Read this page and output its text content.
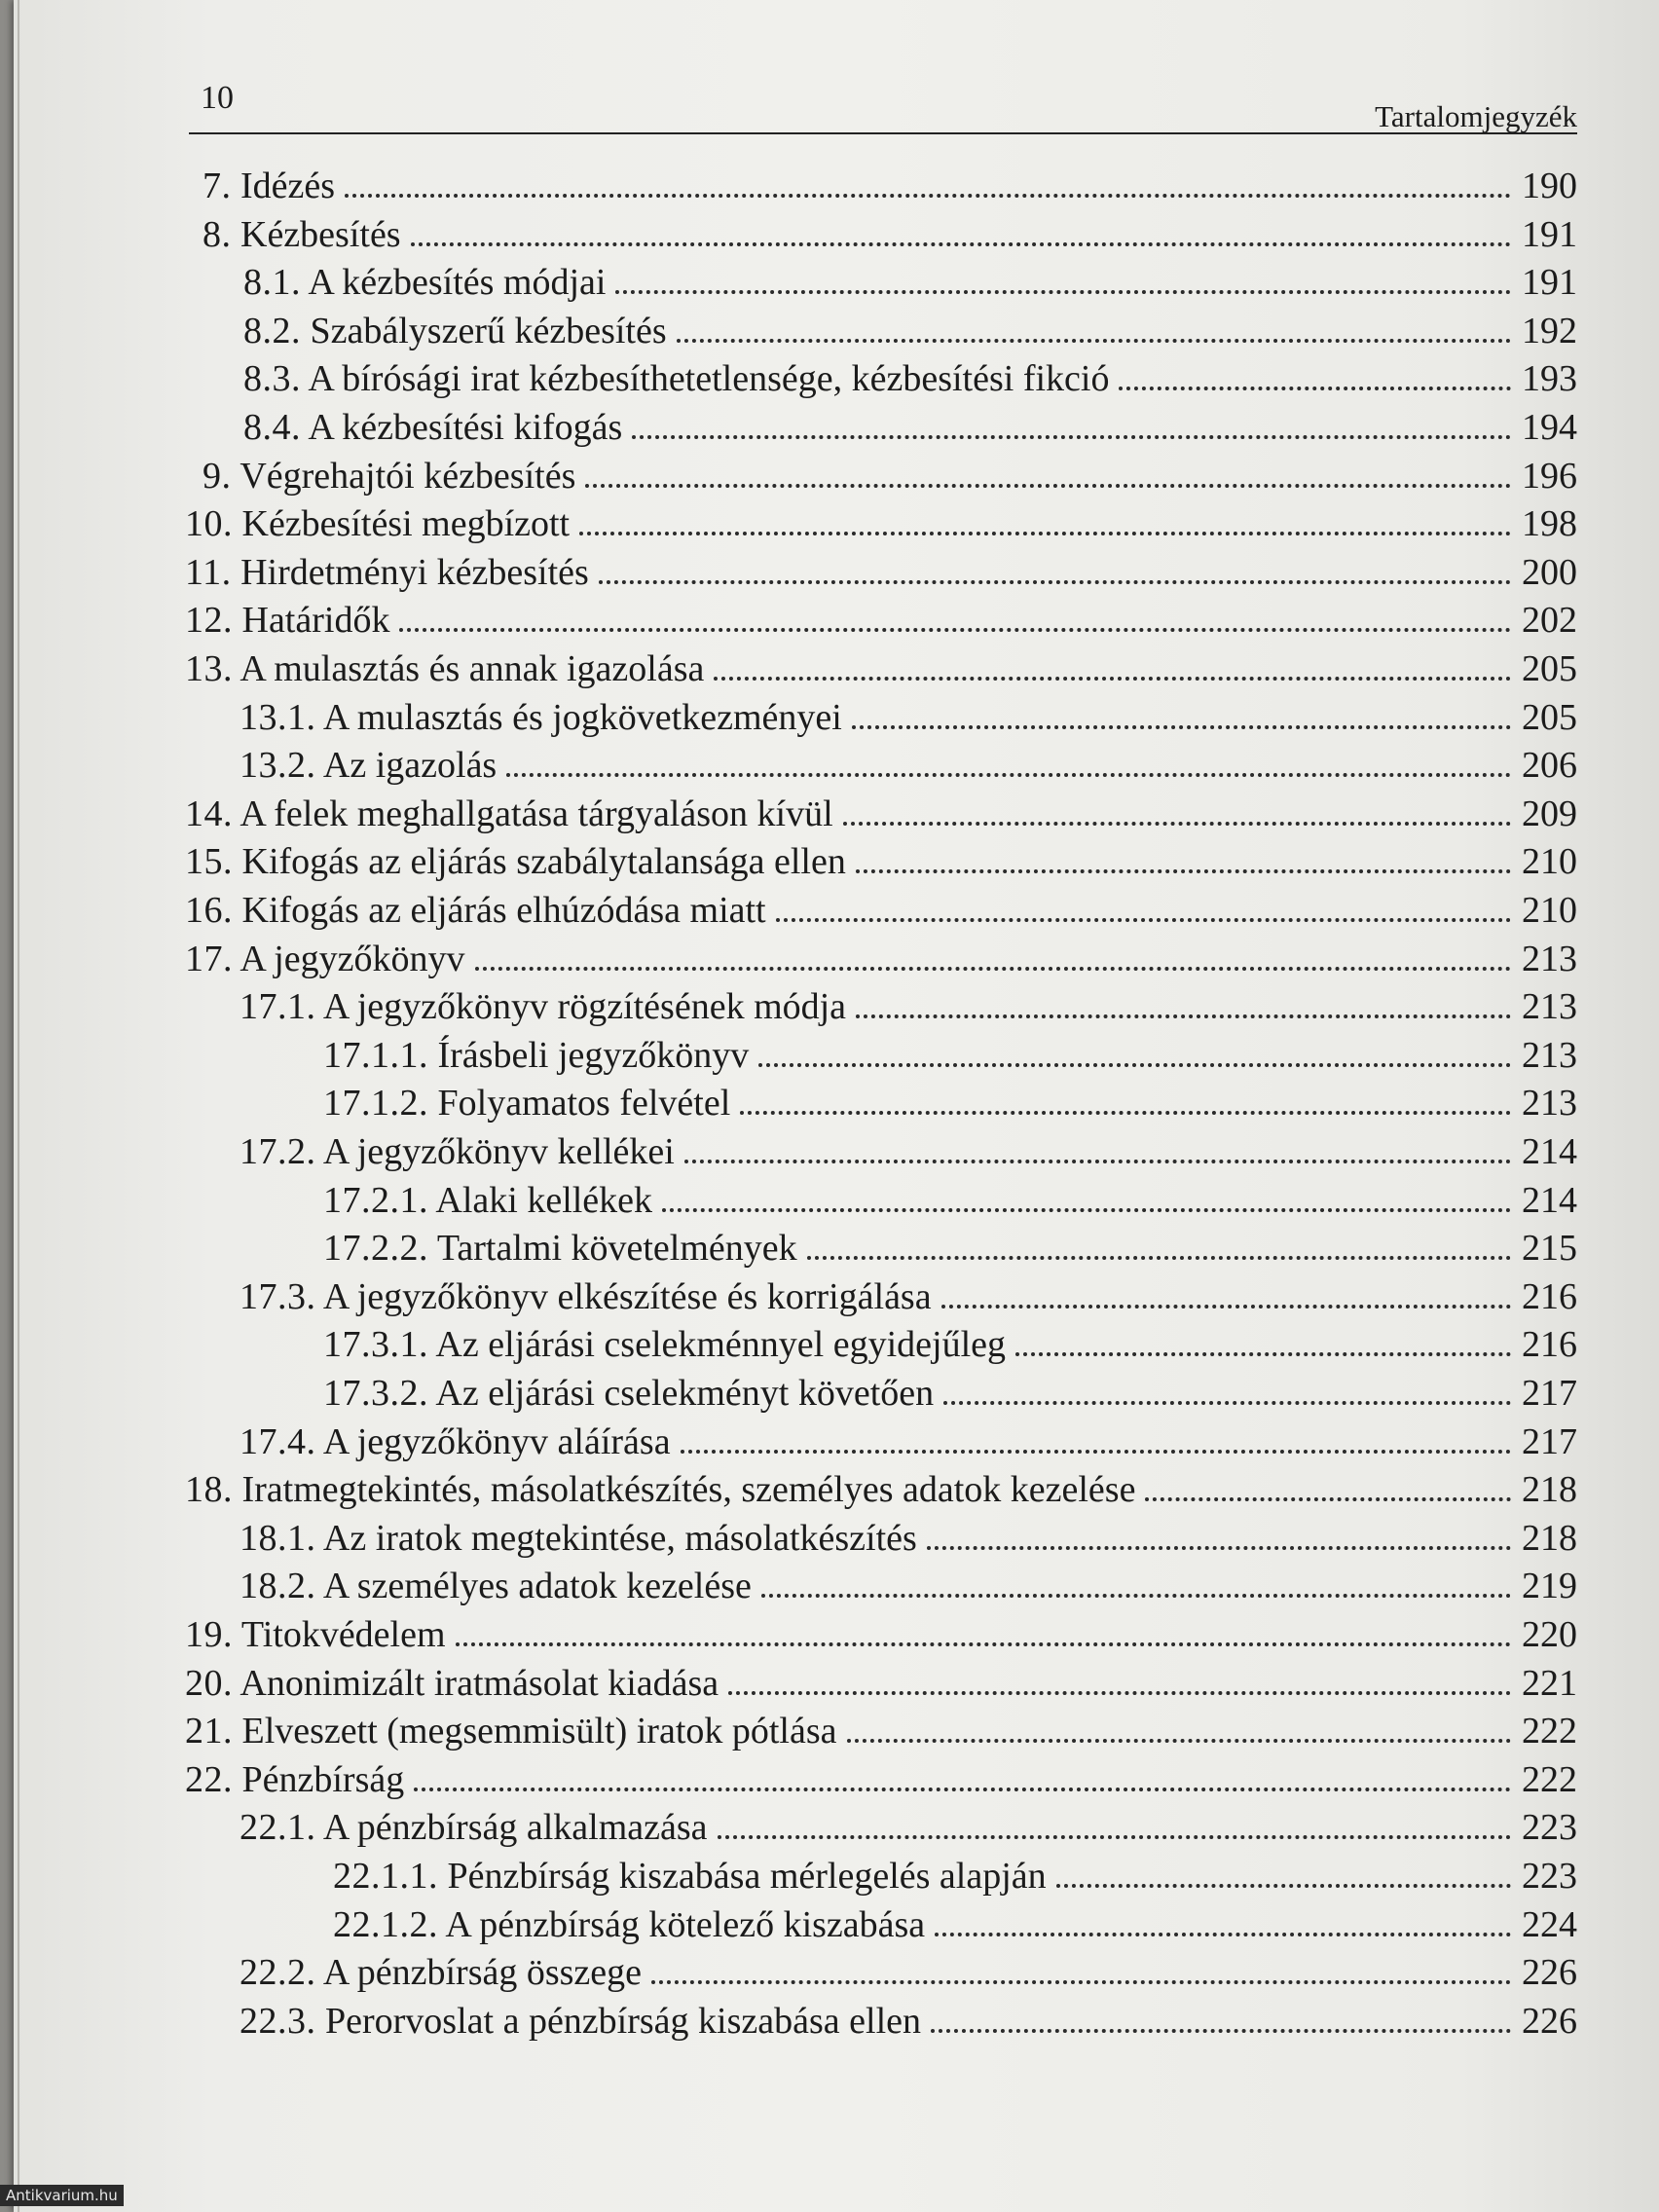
10
Tartalomjegyzék
7. Idézés	190
8. Kézbesítés	191
8.1. A kézbesítés módjai	191
8.2. Szabályszerű kézbesítés	192
8.3. A bírósági irat kézbesíthetetlensége, kézbesítési fikció	193
8.4. A kézbesítési kifogás	194
9. Végrehajtói kézbesítés	196
10. Kézbesítési megbízott	198
11. Hirdetményi kézbesítés	200
12. Határidők	202
13. A mulasztás és annak igazolása	205
13.1. A mulasztás és jogkövetkezményei	205
13.2. Az igazolás	206
14. A felek meghallgatása tárgyaláson kívül	209
15. Kifogás az eljárás szabálytalansága ellen	210
16. Kifogás az eljárás elhúzódása miatt	210
17. A jegyzőkönyv	213
17.1. A jegyzőkönyv rögzítésének módja	213
17.1.1. Írásbeli jegyzőkönyv	213
17.1.2. Folyamatos felvétel	213
17.2. A jegyzőkönyv kellékei	214
17.2.1. Alaki kellékek	214
17.2.2. Tartalmi követelmények	215
17.3. A jegyzőkönyv elkészítése és korrigálása	216
17.3.1. Az eljárási cselekménnyel egyidejűleg	216
17.3.2. Az eljárási cselekményt követően	217
17.4. A jegyzőkönyv aláírása	217
18. Iratmegtekintés, másolatkészítés, személyes adatok kezelése	218
18.1. Az iratok megtekintése, másolatkészítés	218
18.2. A személyes adatok kezelése	219
19. Titokvédelem	220
20. Anonimizált iratmásolat kiadása	221
21. Elveszett (megsemmisült) iratok pótlása	222
22. Pénzbírság	222
22.1. A pénzbírság alkalmazása	223
22.1.1. Pénzbírság kiszabása mérlegelés alapján	223
22.1.2. A pénzbírság kötelező kiszabása	224
22.2. A pénzbírság összege	226
22.3. Perorvoslat a pénzbírság kiszabása ellen	226
Antikvarium.hu
